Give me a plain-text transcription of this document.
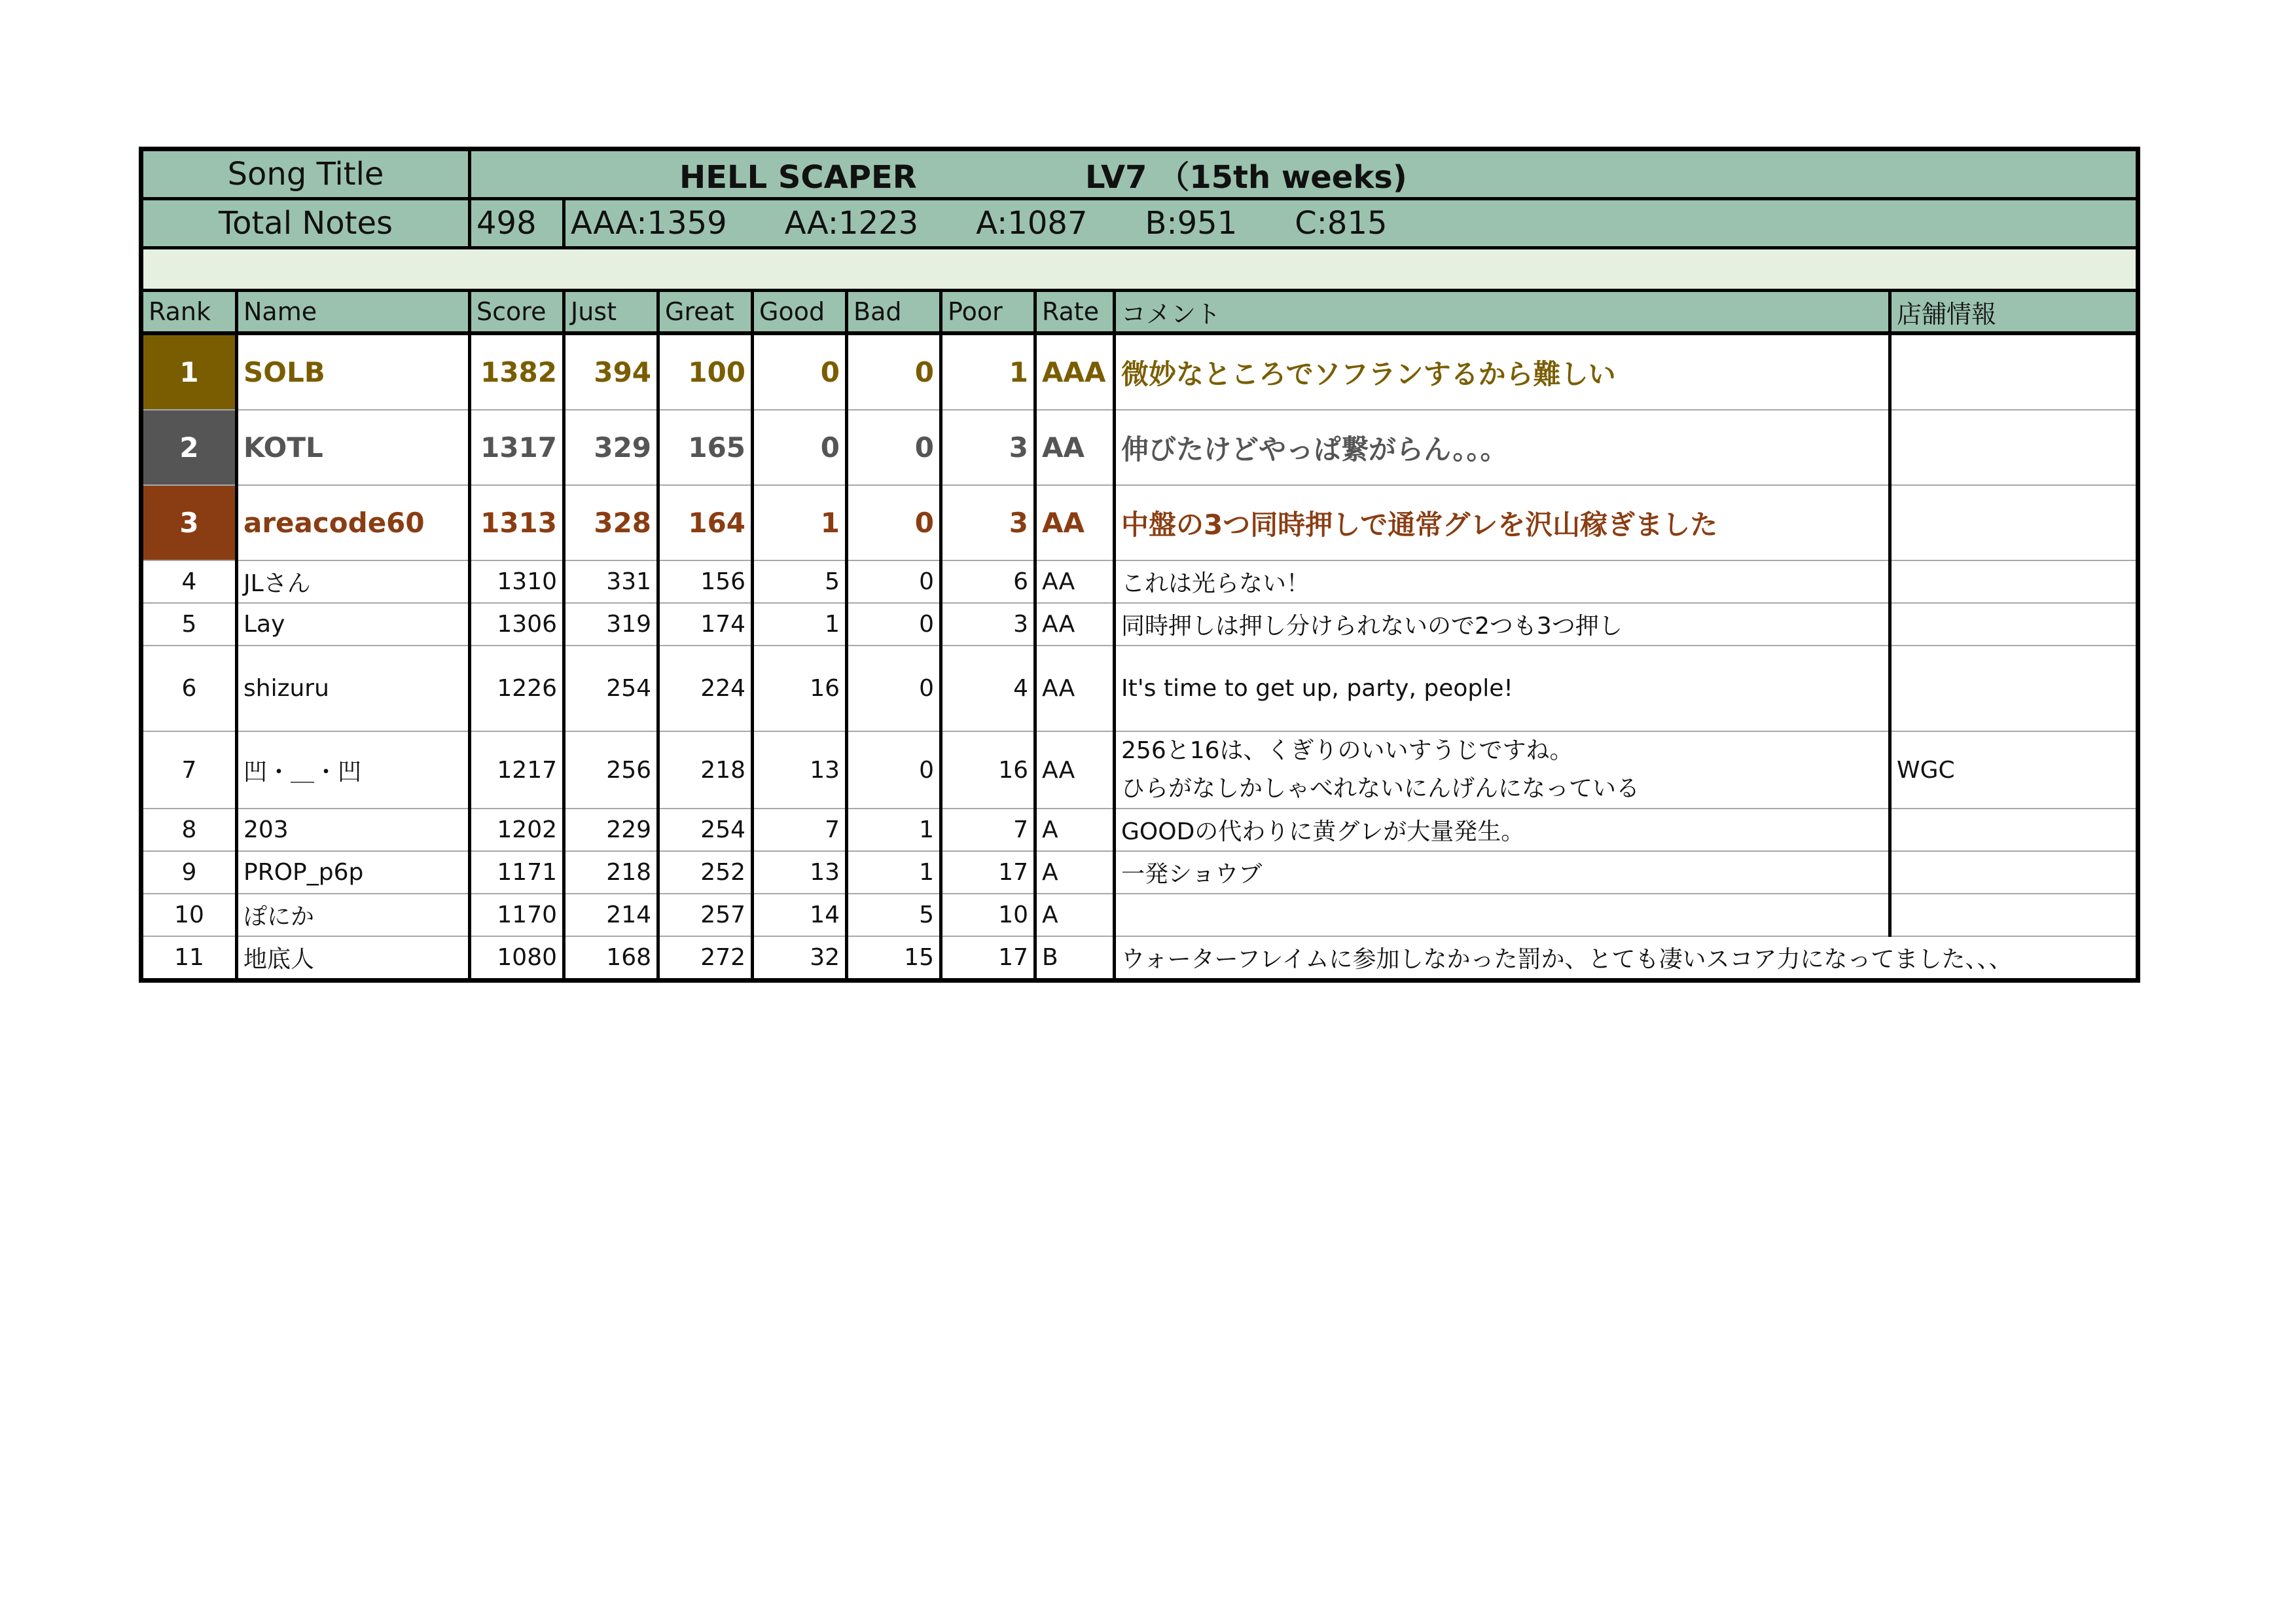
Song Title		HELL SCAPER LV7 （15th weeks)								
Total Notes		498	AAA:1359 AA:1223 A:1087 B:951 C:815							

Rank	Name	Score	Just	Great	Good	Bad	Poor	Rate	コメント	店舗情報
1	SOLB	1382	394	100	0	0	1	AAA	微妙なところでソフランするから難しい	
2	KOTL	1317	329	165	0	0	3	AA	伸びたけどやっぱ繋がらん。。。	
3	areacode60	1313	328	164	1	0	3	AA	中盤の3つ同時押しで通常グレを沢山稼ぎました	
4	JLさん	1310	331	156	5	0	6	AA	これは光らない！	
5	Lay	1306	319	174	1	0	3	AA	同時押しは押し分けられないので2つも3つ押し	
6	shizuru	1226	254	224	16	0	4	AA	It's time to get up, party, people!	
7	凹・＿・凹	1217	256	218	13	0	16	AA	256と16は、くぎりのいいすうじですね。
ひらがなしかしゃべれないにんげんになっている	WGC
8	203	1202	229	254	7	1	7	A	GOODの代わりに黄グレが大量発生。	
9	PROP_p6p	1171	218	252	13	1	17	A	一発ショウブ	
10	ぽにか	1170	214	257	14	5	10	A		
11	地底人	1080	168	272	32	15	17	B	ウォーターフレイムに参加しなかった罰か、とても凄いスコア力になってました、、、	
